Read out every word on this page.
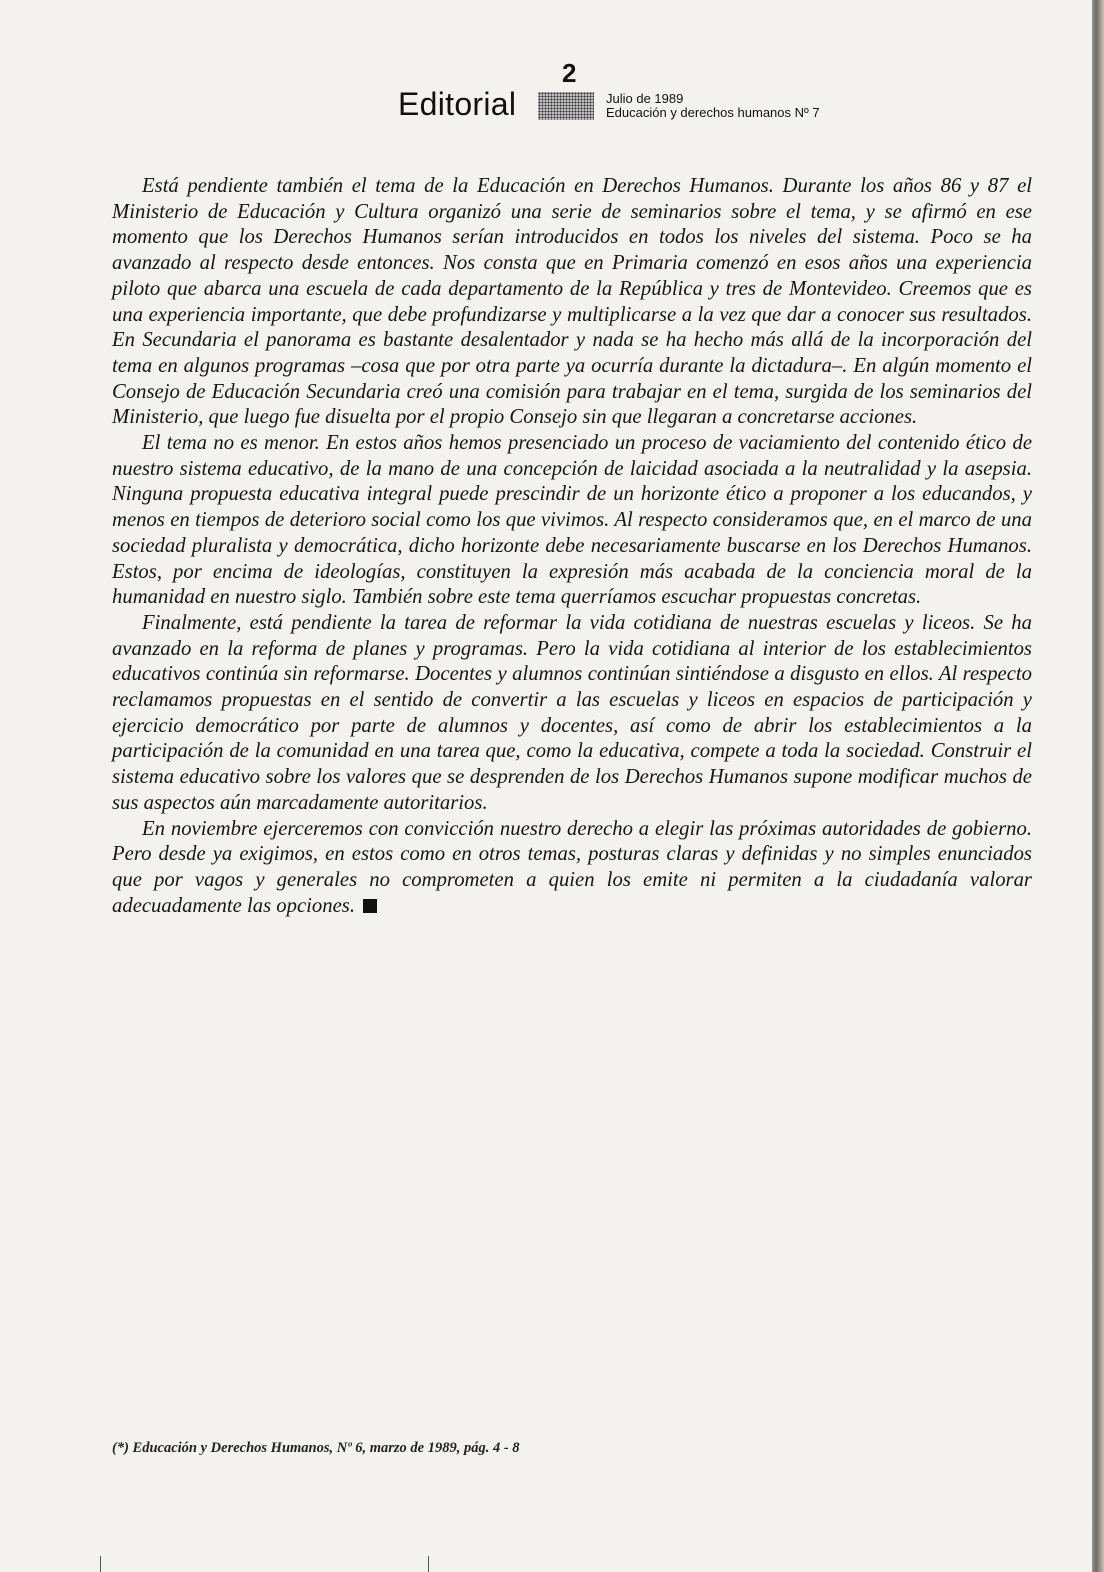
2
Editorial	Julio de 1989
Educación y derechos humanos Nº 7

Está pendiente también el tema de la Educación en Derechos Humanos. Durante los años 86 y 87 el Ministerio de Educación y Cultura organizó una serie de seminarios sobre el tema, y se afirmó en ese momento que los Derechos Humanos serían introducidos en todos los niveles del sistema. Poco se ha avanzado al respecto desde entonces. Nos consta que en Primaria comenzó en esos años una experiencia piloto que abarca una escuela de cada departamento de la República y tres de Montevideo. Creemos que es una experiencia importante, que debe profundizarse y multiplicarse a la vez que dar a conocer sus resultados. En Secundaria el panorama es bastante desalentador y nada se ha hecho más allá de la incorporación del tema en algunos programas –cosa que por otra parte ya ocurría durante la dictadura–. En algún momento el Consejo de Educación Secundaria creó una comisión para trabajar en el tema, surgida de los seminarios del Ministerio, que luego fue disuelta por el propio Consejo sin que llegaran a concretarse acciones.

El tema no es menor. En estos años hemos presenciado un proceso de vaciamiento del contenido ético de nuestro sistema educativo, de la mano de una concepción de laicidad asociada a la neutralidad y la asepsia. Ninguna propuesta educativa integral puede prescindir de un horizonte ético a proponer a los educandos, y menos en tiempos de deterioro social como los que vivimos. Al respecto consideramos que, en el marco de una sociedad pluralista y democrática, dicho horizonte debe necesariamente buscarse en los Derechos Humanos. Estos, por encima de ideologías, constituyen la expresión más acabada de la conciencia moral de la humanidad en nuestro siglo. También sobre este tema querríamos escuchar propuestas concretas.

Finalmente, está pendiente la tarea de reformar la vida cotidiana de nuestras escuelas y liceos. Se ha avanzado en la reforma de planes y programas. Pero la vida cotidiana al interior de los establecimientos educativos continúa sin reformarse. Docentes y alumnos continúan sintiéndose a disgusto en ellos. Al respecto reclamamos propuestas en el sentido de convertir a las escuelas y liceos en espacios de participación y ejercicio democrático por parte de alumnos y docentes, así como de abrir los establecimientos a la participación de la comunidad en una tarea que, como la educativa, compete a toda la sociedad. Construir el sistema educativo sobre los valores que se desprenden de los Derechos Humanos supone modificar muchos de sus aspectos aún marcadamente autoritarios.

En noviembre ejerceremos con convicción nuestro derecho a elegir las próximas autoridades de gobierno. Pero desde ya exigimos, en estos como en otros temas, posturas claras y definidas y no simples enunciados que por vagos y generales no comprometen a quien los emite ni permiten a la ciudadanía valorar adecuadamente las opciones.

(*) Educación y Derechos Humanos, Nº 6, marzo de 1989, pág. 4 - 8
